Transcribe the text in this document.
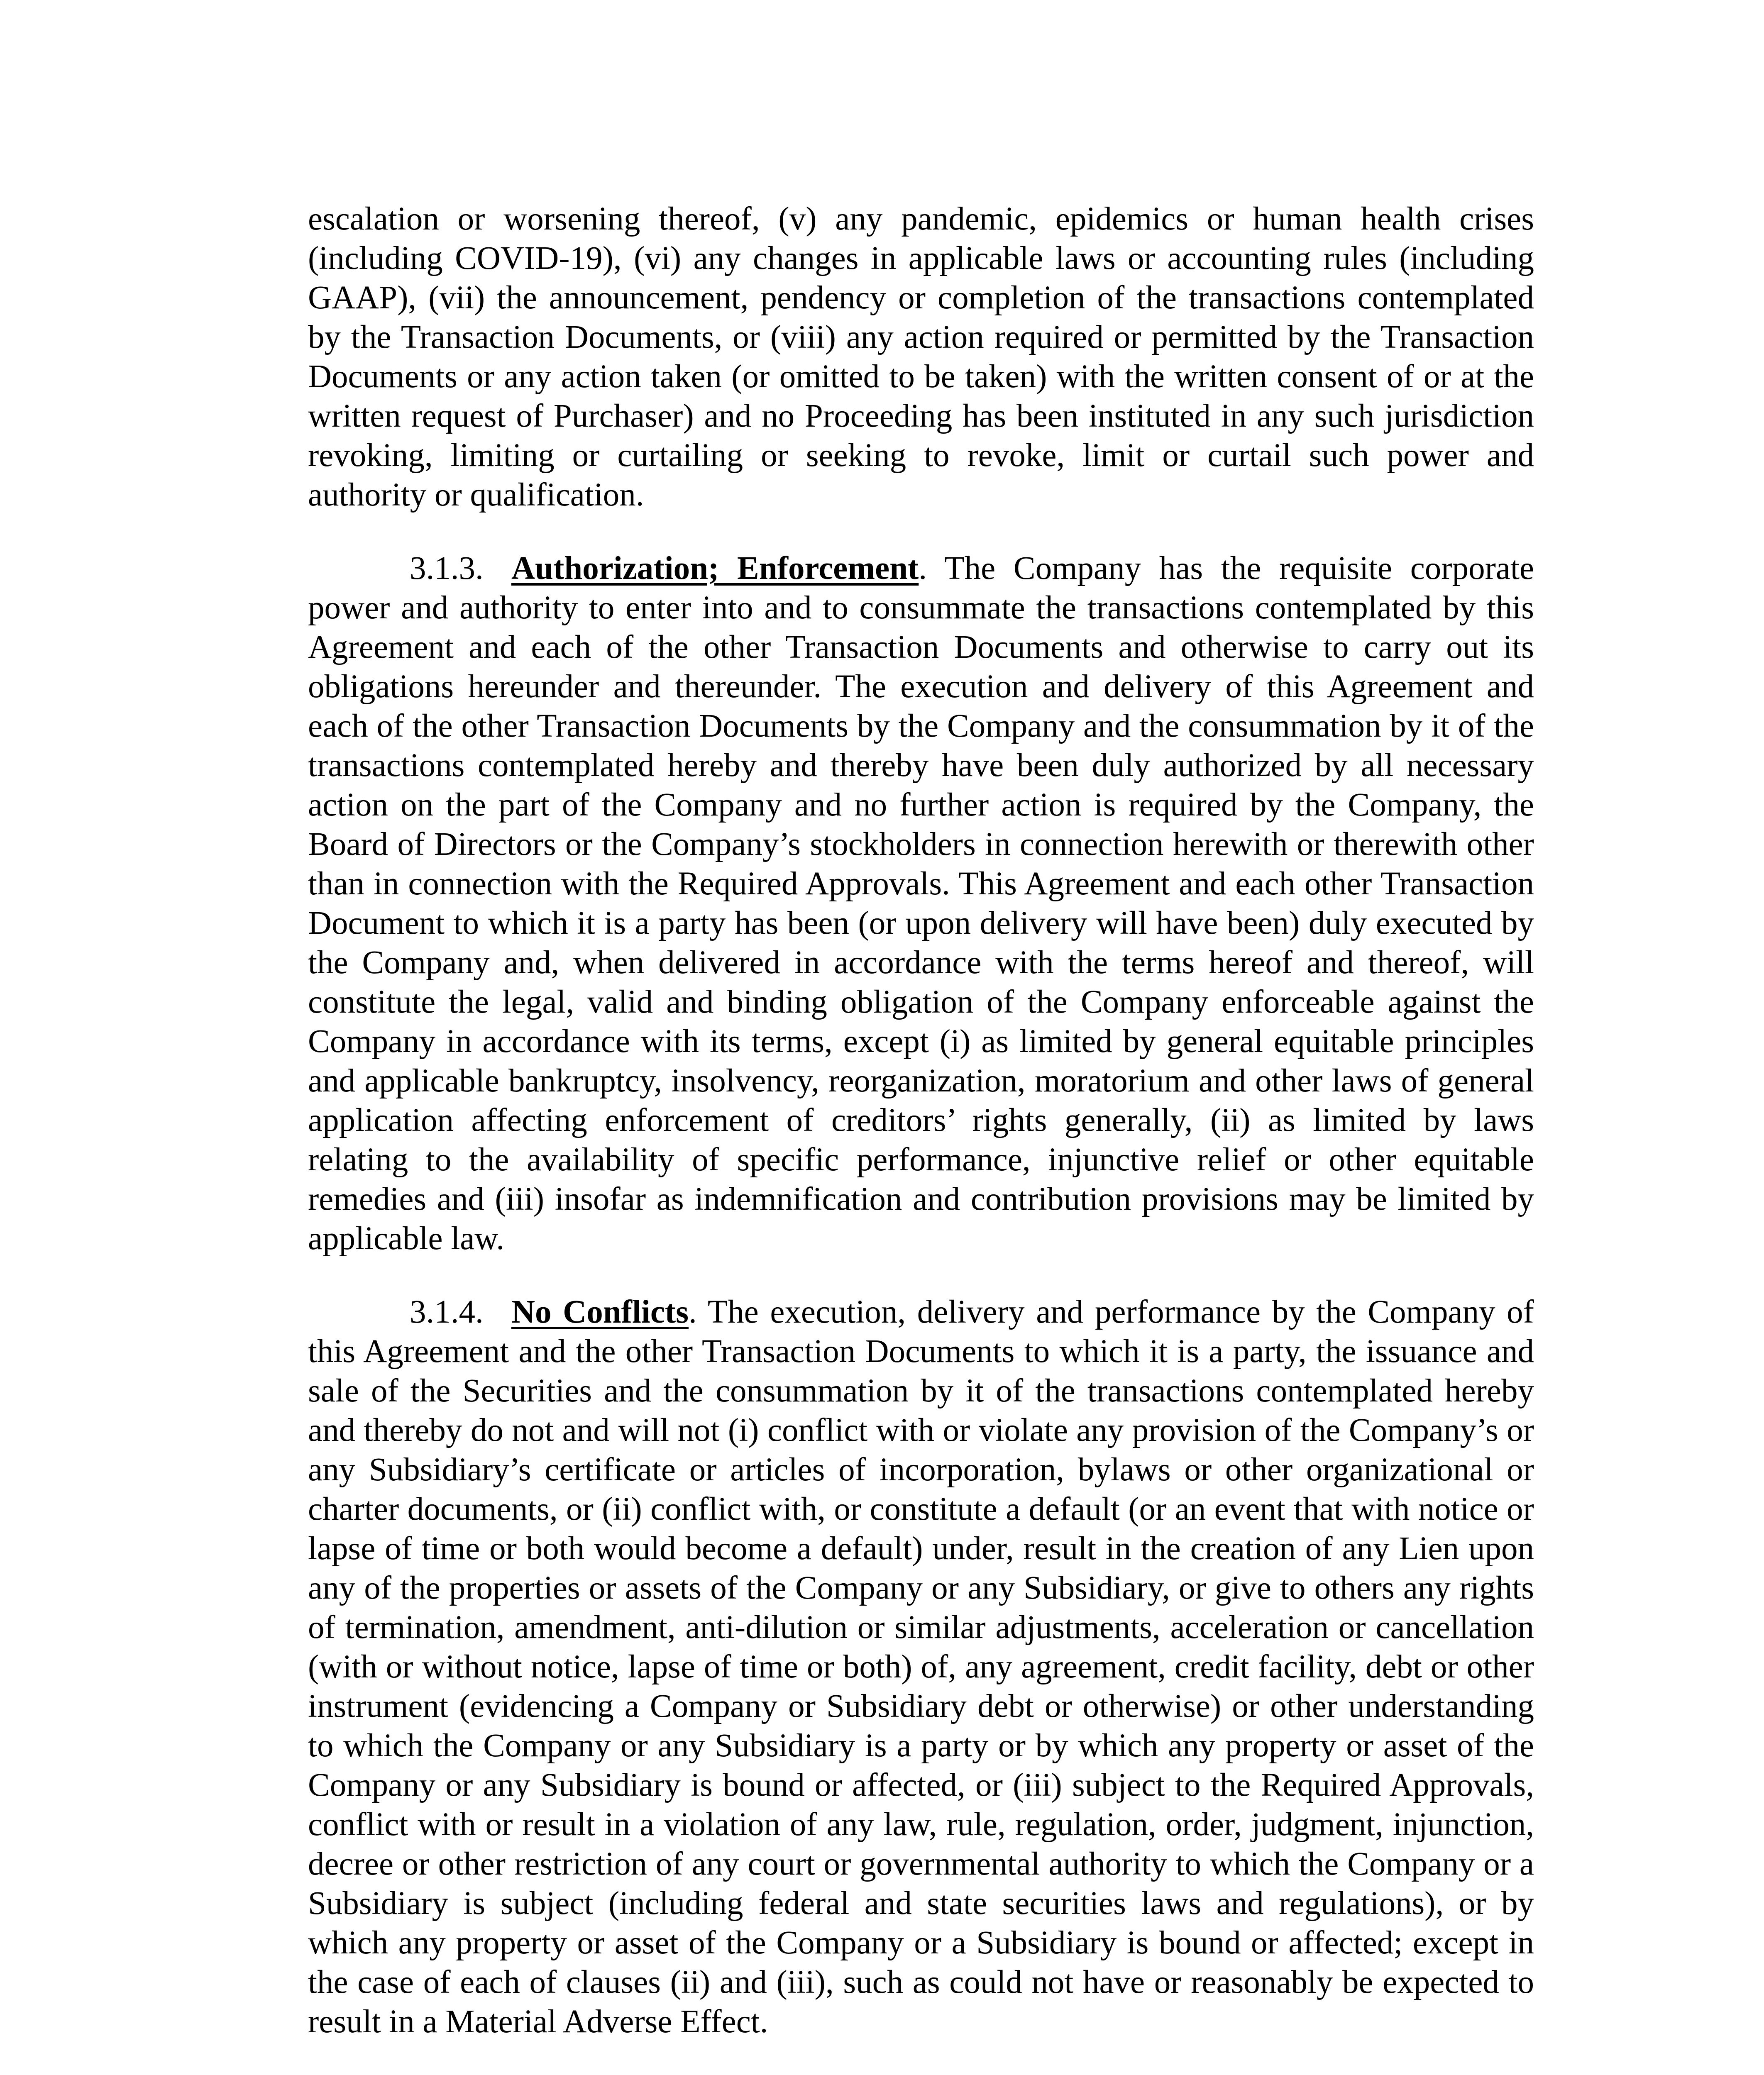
escalation or worsening thereof, (v) any pandemic, epidemics or human health crises (including COVID-19), (vi) any changes in applicable laws or accounting rules (including GAAP), (vii) the announcement, pendency or completion of the transactions contemplated by the Transaction Documents, or (viii) any action required or permitted by the Transaction Documents or any action taken (or omitted to be taken) with the written consent of or at the written request of Purchaser) and no Proceeding has been instituted in any such jurisdiction revoking, limiting or curtailing or seeking to revoke, limit or curtail such power and authority or qualification.

3.1.3. Authorization; Enforcement. The Company has the requisite corporate power and authority to enter into and to consummate the transactions contemplated by this Agreement and each of the other Transaction Documents and otherwise to carry out its obligations hereunder and thereunder. The execution and delivery of this Agreement and each of the other Transaction Documents by the Company and the consummation by it of the transactions contemplated hereby and thereby have been duly authorized by all necessary action on the part of the Company and no further action is required by the Company, the Board of Directors or the Company’s stockholders in connection herewith or therewith other than in connection with the Required Approvals. This Agreement and each other Transaction Document to which it is a party has been (or upon delivery will have been) duly executed by the Company and, when delivered in accordance with the terms hereof and thereof, will constitute the legal, valid and binding obligation of the Company enforceable against the Company in accordance with its terms, except (i) as limited by general equitable principles and applicable bankruptcy, insolvency, reorganization, moratorium and other laws of general application affecting enforcement of creditors’ rights generally, (ii) as limited by laws relating to the availability of specific performance, injunctive relief or other equitable remedies and (iii) insofar as indemnification and contribution provisions may be limited by applicable law.

3.1.4. No Conflicts. The execution, delivery and performance by the Company of this Agreement and the other Transaction Documents to which it is a party, the issuance and sale of the Securities and the consummation by it of the transactions contemplated hereby and thereby do not and will not (i) conflict with or violate any provision of the Company’s or any Subsidiary’s certificate or articles of incorporation, bylaws or other organizational or charter documents, or (ii) conflict with, or constitute a default (or an event that with notice or lapse of time or both would become a default) under, result in the creation of any Lien upon any of the properties or assets of the Company or any Subsidiary, or give to others any rights of termination, amendment, anti-dilution or similar adjustments, acceleration or cancellation (with or without notice, lapse of time or both) of, any agreement, credit facility, debt or other instrument (evidencing a Company or Subsidiary debt or otherwise) or other understanding to which the Company or any Subsidiary is a party or by which any property or asset of the Company or any Subsidiary is bound or affected, or (iii) subject to the Required Approvals, conflict with or result in a violation of any law, rule, regulation, order, judgment, injunction, decree or other restriction of any court or governmental authority to which the Company or a Subsidiary is subject (including federal and state securities laws and regulations), or by which any property or asset of the Company or a Subsidiary is bound or affected; except in the case of each of clauses (ii) and (iii), such as could not have or reasonably be expected to result in a Material Adverse Effect.
